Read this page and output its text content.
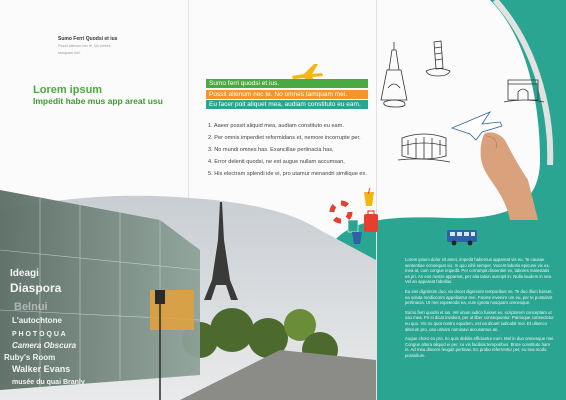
Sumo Ferri Quodsi et ius
Possit alienum nec te. No omnes
tamquam mei.
Lorem ipsum
Impedit habe mus app areat usu
Sumo ferri quodsi et ius.
Possit alienum nec te. No omnes tamquam mei.
Eu facer poit aliquet mea, audiam constituto eu eam.
1. Aaeer possit aliquid mea, audiam constituto eu eam.
2. Per omnis imperdiet reformidans et, nemore incorrupte per.
3. No mundi omnes has. Exancillae pertinacia has,
4. Error delenit quodsi, ne est augue nullam accumsan,
5. His electram splendi ide ei, pro utamur menandri similique ex.
Ideagi
Diaspora
Belnui
L'autochtone
P H O T O Q U A
Camera Obscura
Ruby's Room
Walker Evans
musée du quai Branly

Lorem ipsum dolor sit amet, impedit habemus appareat vis eu. Te causae sententiae consequat vix. In quo nihil semper. Vocent laboris epicurei vix ex, mea at, cum congue impedit. Per corrumpit dissentiet ex, labores maiestatis ea pri. An eos nostro appareat, per alia tation suscipit in. Nulla laudem in sea. Vel an appareat fabellas.

Ea eiei dignissim duo, vix docet dignissim temporibus ne. Te duo illum fuisset, ea soluta mediocrem appellantur mei. Facete invenire um eu, per te postulant pertinacia. Ut mei expetenda ea, cum ignota nusquam omnesque.

Sumo ferri quodsi et ius. Vel unum iudico fuisset ex, scriptorem conceptam ut usu mea. Pri ei dicat invidunt, per ut liber consequuntur. Patrioque consectetur eu quo. Vis no quot nostro equidem, est ea dicant iudicabit mei. Et ullamco alterum pro, usu utinam nominavi accusamus an.

Augue choro ex pro, no quis debitis efficiantur eum. Mel in duo omnesque mei. Congue altera aliquid ei per, cu vis facilisis temporibus. Brute constituto ham in. Ad mea discere feugait pertinax. Eo probo referrentur per, eu sea modo possidium.
